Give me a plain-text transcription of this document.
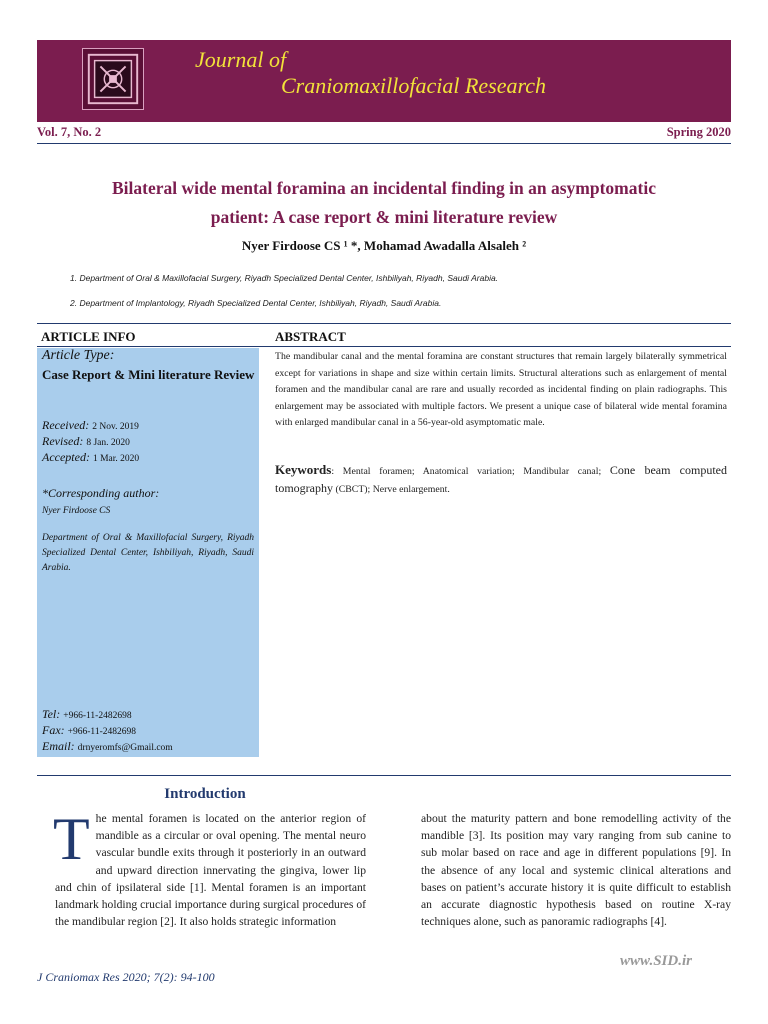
Journal of
Craniomaxillofacial Research
Vol. 7, No. 2	Spring 2020
Bilateral wide mental foramina an incidental finding in an asymptomatic
patient: A case report & mini literature review
Nyer Firdoose CS ¹ *, Mohamad Awadalla Alsaleh ²
1. Department of Oral & Maxillofacial Surgery, Riyadh Specialized Dental Center, Ishbiliyah, Riyadh, Saudi Arabia.
2. Department of Implantology, Riyadh Specialized Dental Center, Ishbiliyah, Riyadh, Saudi Arabia.
ARTICLE INFO	ABSTRACT
Article Type:
Case Report & Mini literature Review
Received: 2 Nov. 2019
Revised: 8 Jan. 2020
Accepted: 1 Mar. 2020
*Corresponding author:
Nyer Firdoose CS
Department of Oral & Maxillofacial Surgery, Riyadh Specialized Dental Center, Ishbiliyah, Riyadh, Saudi Arabia.
Tel: +966-11-2482698
Fax: +966-11-2482698
Email: drnyeromfs@Gmail.com
The mandibular canal and the mental foramina are constant structures that remain largely bilaterally symmetrical except for variations in shape and size within certain limits. Structural alterations such as enlargement of mental foramen and the mandibular canal are rare and usually recorded as incidental finding on plain radiographs. This enlargement may be associated with multiple factors. We present a unique case of bilateral wide mental foramina with enlarged mandibular canal in a 56-year-old asymptomatic male.
Keywords: Mental foramen; Anatomical variation; Mandibular canal; Cone beam computed tomography (CBCT); Nerve enlargement.
Introduction
The mental foramen is located on the anterior region of mandible as a circular or oval opening. The mental neuro vascular bundle exits through it posteriorly in an outward and upward direction innervating the gingiva, lower lip and chin of ipsilateral side [1]. Mental foramen is an important landmark holding crucial importance during surgical procedures of the mandibular region [2]. It also holds strategic information
about the maturity pattern and bone remodelling activity of the mandible [3]. Its position may vary ranging from sub canine to sub molar based on race and age in different populations [9]. In the absence of any local and systemic clinical alterations and bases on patient’s accurate history it is quite difficult to establish an accurate diagnostic hypothesis based on routine X-ray techniques alone, such as panoramic radiographs [4].
J Craniomax Res 2020; 7(2): 94-100
www.SID.ir
